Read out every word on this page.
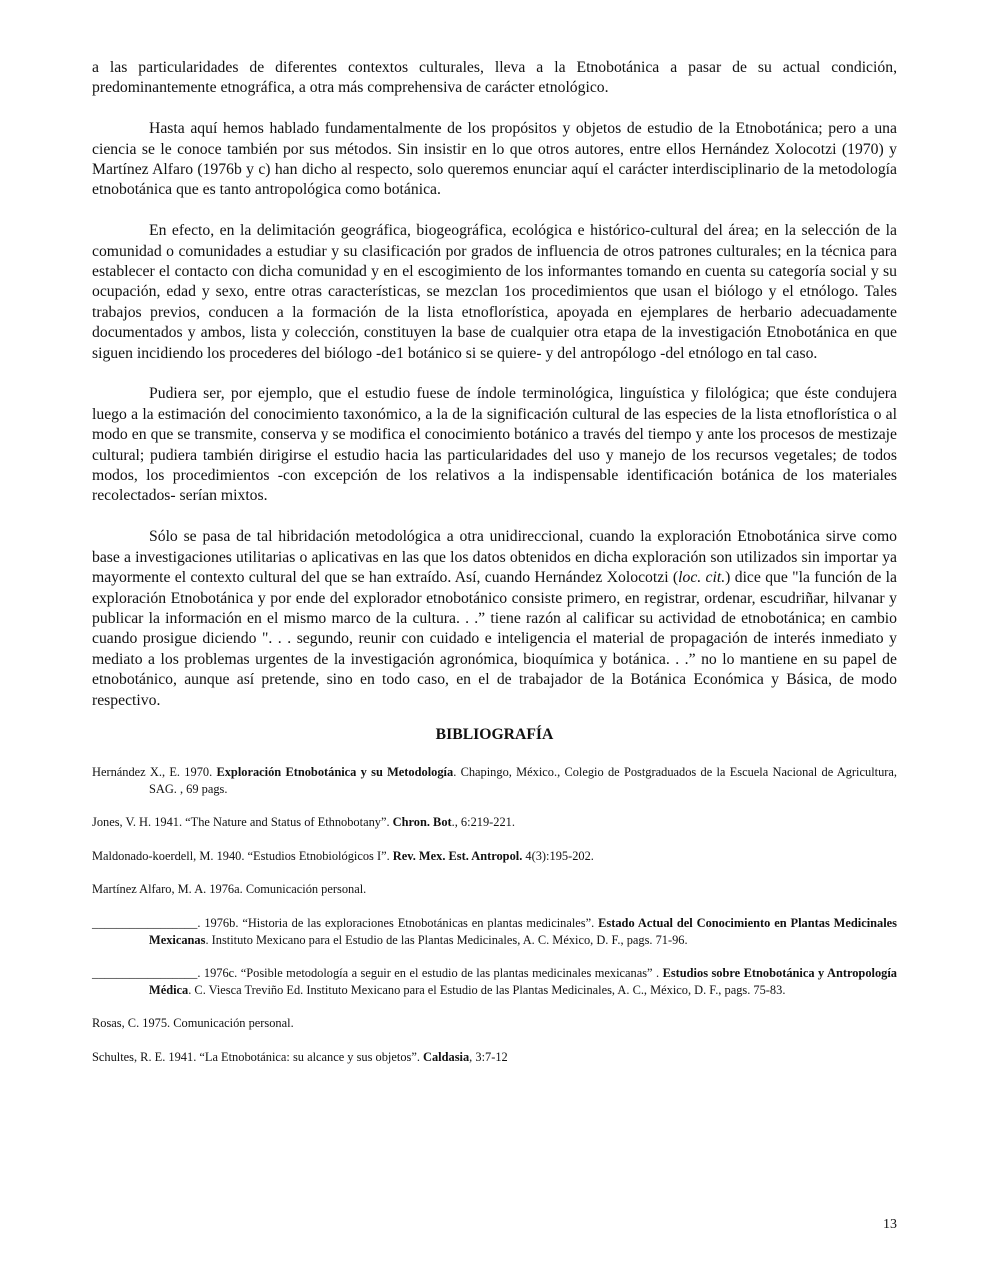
a las particularidades de diferentes contextos culturales, lleva a la Etnobotánica a pasar de su actual condición, predominantemente etnográfica, a otra más comprehensiva de carácter etnológico.

Hasta aquí hemos hablado fundamentalmente de los propósitos y objetos de estudio de la Etnobotánica; pero a una ciencia se le conoce también por sus métodos. Sin insistir en lo que otros autores, entre ellos Hernández Xolocotzi (1970) y Martínez Alfaro (1976b y c) han dicho al respecto, solo queremos enunciar aquí el carácter interdisciplinario de la metodología etnobotánica que es tanto antropológica como botánica.

En efecto, en la delimitación geográfica, biogeográfica, ecológica e histórico-cultural del área; en la selección de la comunidad o comunidades a estudiar y su clasificación por grados de influencia de otros patrones culturales; en la técnica para establecer el contacto con dicha comunidad y en el escogimiento de los informantes tomando en cuenta su categoría social y su ocupación, edad y sexo, entre otras características, se mezclan 1os procedimientos que usan el biólogo y el etnólogo. Tales trabajos previos, conducen a la formación de la lista etnoflorística, apoyada en ejemplares de herbario adecuadamente documentados y ambos, lista y colección, constituyen la base de cualquier otra etapa de la investigación Etnobotánica en que siguen incidiendo los procederes del biólogo -de1 botánico si se quiere- y del antropólogo -del etnólogo en tal caso.

Pudiera ser, por ejemplo, que el estudio fuese de índole terminológica, linguística y filológica; que éste condujera luego a la estimación del conocimiento taxonómico, a la de la significación cultural de las especies de la lista etnoflorística o al modo en que se transmite, conserva y se modifica el conocimiento botánico a través del tiempo y ante los procesos de mestizaje cultural; pudiera también dirigirse el estudio hacia las particularidades del uso y manejo de los recursos vegetales; de todos modos, los procedimientos -con excepción de los relativos a la indispensable identificación botánica de los materiales recolectados- serían mixtos.

Sólo se pasa de tal hibridación metodológica a otra unidireccional, cuando la exploración Etnobotánica sirve como base a investigaciones utilitarias o aplicativas en las que los datos obtenidos en dicha exploración son utilizados sin importar ya mayormente el contexto cultural del que se han extraído. Así, cuando Hernández Xolocotzi (loc. cit.) dice que "la función de la exploración Etnobotánica y por ende del explorador etnobotánico consiste primero, en registrar, ordenar, escudriñar, hilvanar y publicar la información en el mismo marco de la cultura. . .” tiene razón al calificar su actividad de etnobotánica; en cambio cuando prosigue diciendo ". . . segundo, reunir con cuidado e inteligencia el material de propagación de interés inmediato y mediato a los problemas urgentes de la investigación agronómica, bioquímica y botánica. . .” no lo mantiene en su papel de etnobotánico, aunque así pretende, sino en todo caso, en el de trabajador de la Botánica Económica y Básica, de modo respectivo.

BIBLIOGRAFÍA

Hernández X., E. 1970. Exploración Etnobotánica y su Metodología. Chapingo, México., Colegio de Postgraduados de la Escuela Nacional de Agricultura, SAG. , 69 pags.

Jones, V. H. 1941. “The Nature and Status of Ethnobotany”. Chron. Bot., 6:219-221.

Maldonado-koerdell, M. 1940. “Estudios Etnobiológicos I”. Rev. Mex. Est. Antropol. 4(3):195-202.

Martínez Alfaro, M. A. 1976a. Comunicación personal.

_________________. 1976b. “Historia de las exploraciones Etnobotánicas en plantas medicinales”. Estado Actual del Conocimiento en Plantas Medicinales Mexicanas. Instituto Mexicano para el Estudio de las Plantas Medicinales, A. C. México, D. F., pags. 71-96.

_________________. 1976c. “Posible metodología a seguir en el estudio de las plantas medicinales mexicanas” . Estudios sobre Etnobotánica y Antropología Médica. C. Viesca Treviño Ed. Instituto Mexicano para el Estudio de las Plantas Medicinales, A. C., México, D. F., pags. 75-83.

Rosas, C. 1975. Comunicación personal.

Schultes, R. E. 1941. “La Etnobotánica: su alcance y sus objetos”. Caldasia, 3:7-12

13
